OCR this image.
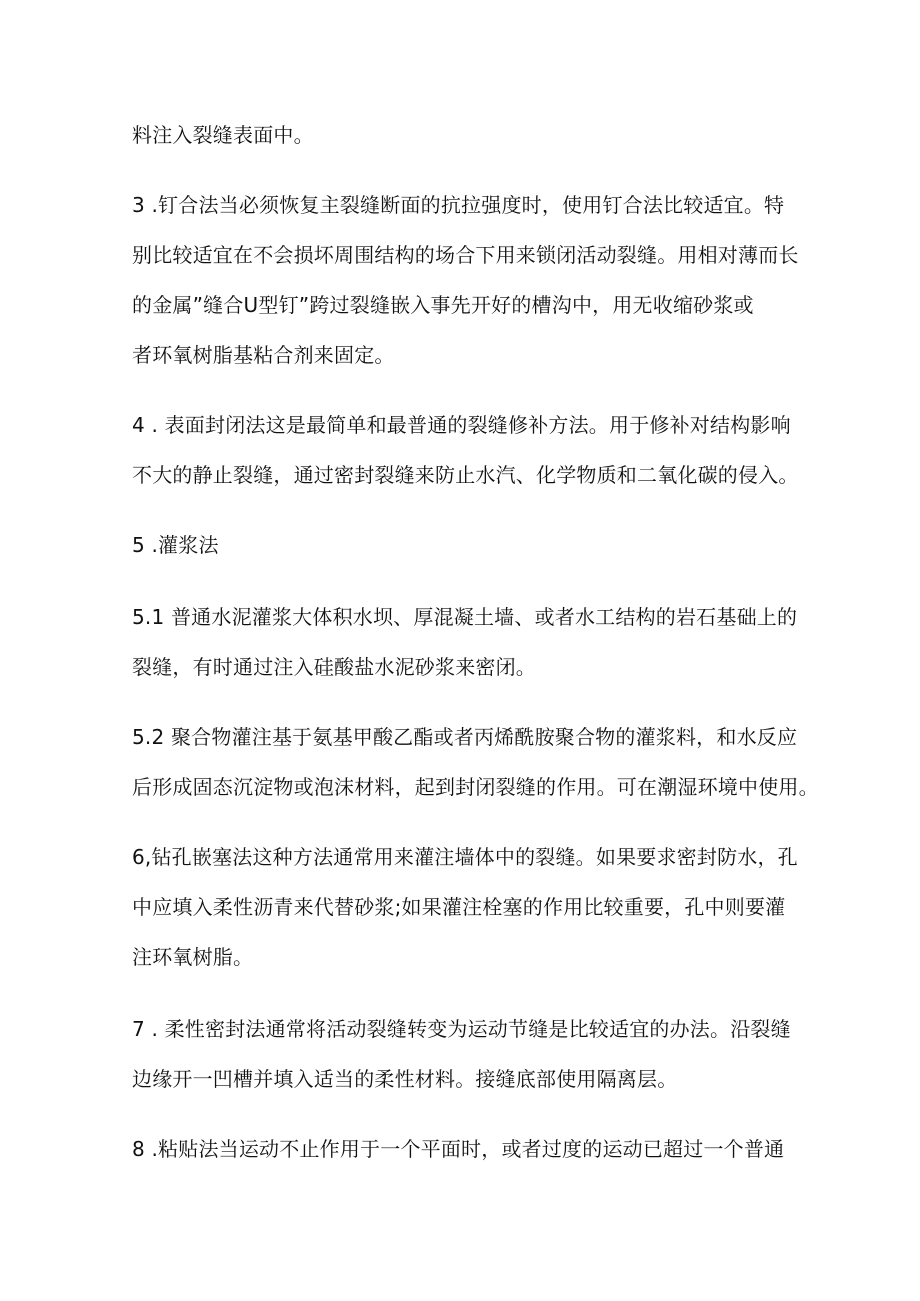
料注入裂缝表面中。
3 .钉合法当必须恢复主裂缝断面的抗拉强度时，使用钉合法比较适宜。特
别比较适宜在不会损坏周围结构的场合下用来锁闭活动裂缝。用相对薄而长
的金属”缝合U型钉”跨过裂缝嵌入事先开好的槽沟中，用无收缩砂浆或
者环氧树脂基粘合剂来固定。
4 . 表面封闭法这是最简单和最普通的裂缝修补方法。用于修补对结构影响
不大的静止裂缝，通过密封裂缝来防止水汽、化学物质和二氧化碳的侵入。
5 .灌浆法
5.1 普通水泥灌浆大体积水坝、厚混凝土墙、或者水工结构的岩石基础上的
裂缝，有时通过注入硅酸盐水泥砂浆来密闭。
5.2 聚合物灌注基于氨基甲酸乙酯或者丙烯酰胺聚合物的灌浆料，和水反应
后形成固态沉淀物或泡沫材料，起到封闭裂缝的作用。可在潮湿环境中使用。
6,钻孔嵌塞法这种方法通常用来灌注墙体中的裂缝。如果要求密封防水，孔
中应填入柔性沥青来代替砂浆;如果灌注栓塞的作用比较重要，孔中则要灌
注环氧树脂。
7 . 柔性密封法通常将活动裂缝转变为运动节缝是比较适宜的办法。沿裂缝
边缘开一凹槽并填入适当的柔性材料。接缝底部使用隔离层。
8 .粘贴法当运动不止作用于一个平面时，或者过度的运动已超过一个普通
